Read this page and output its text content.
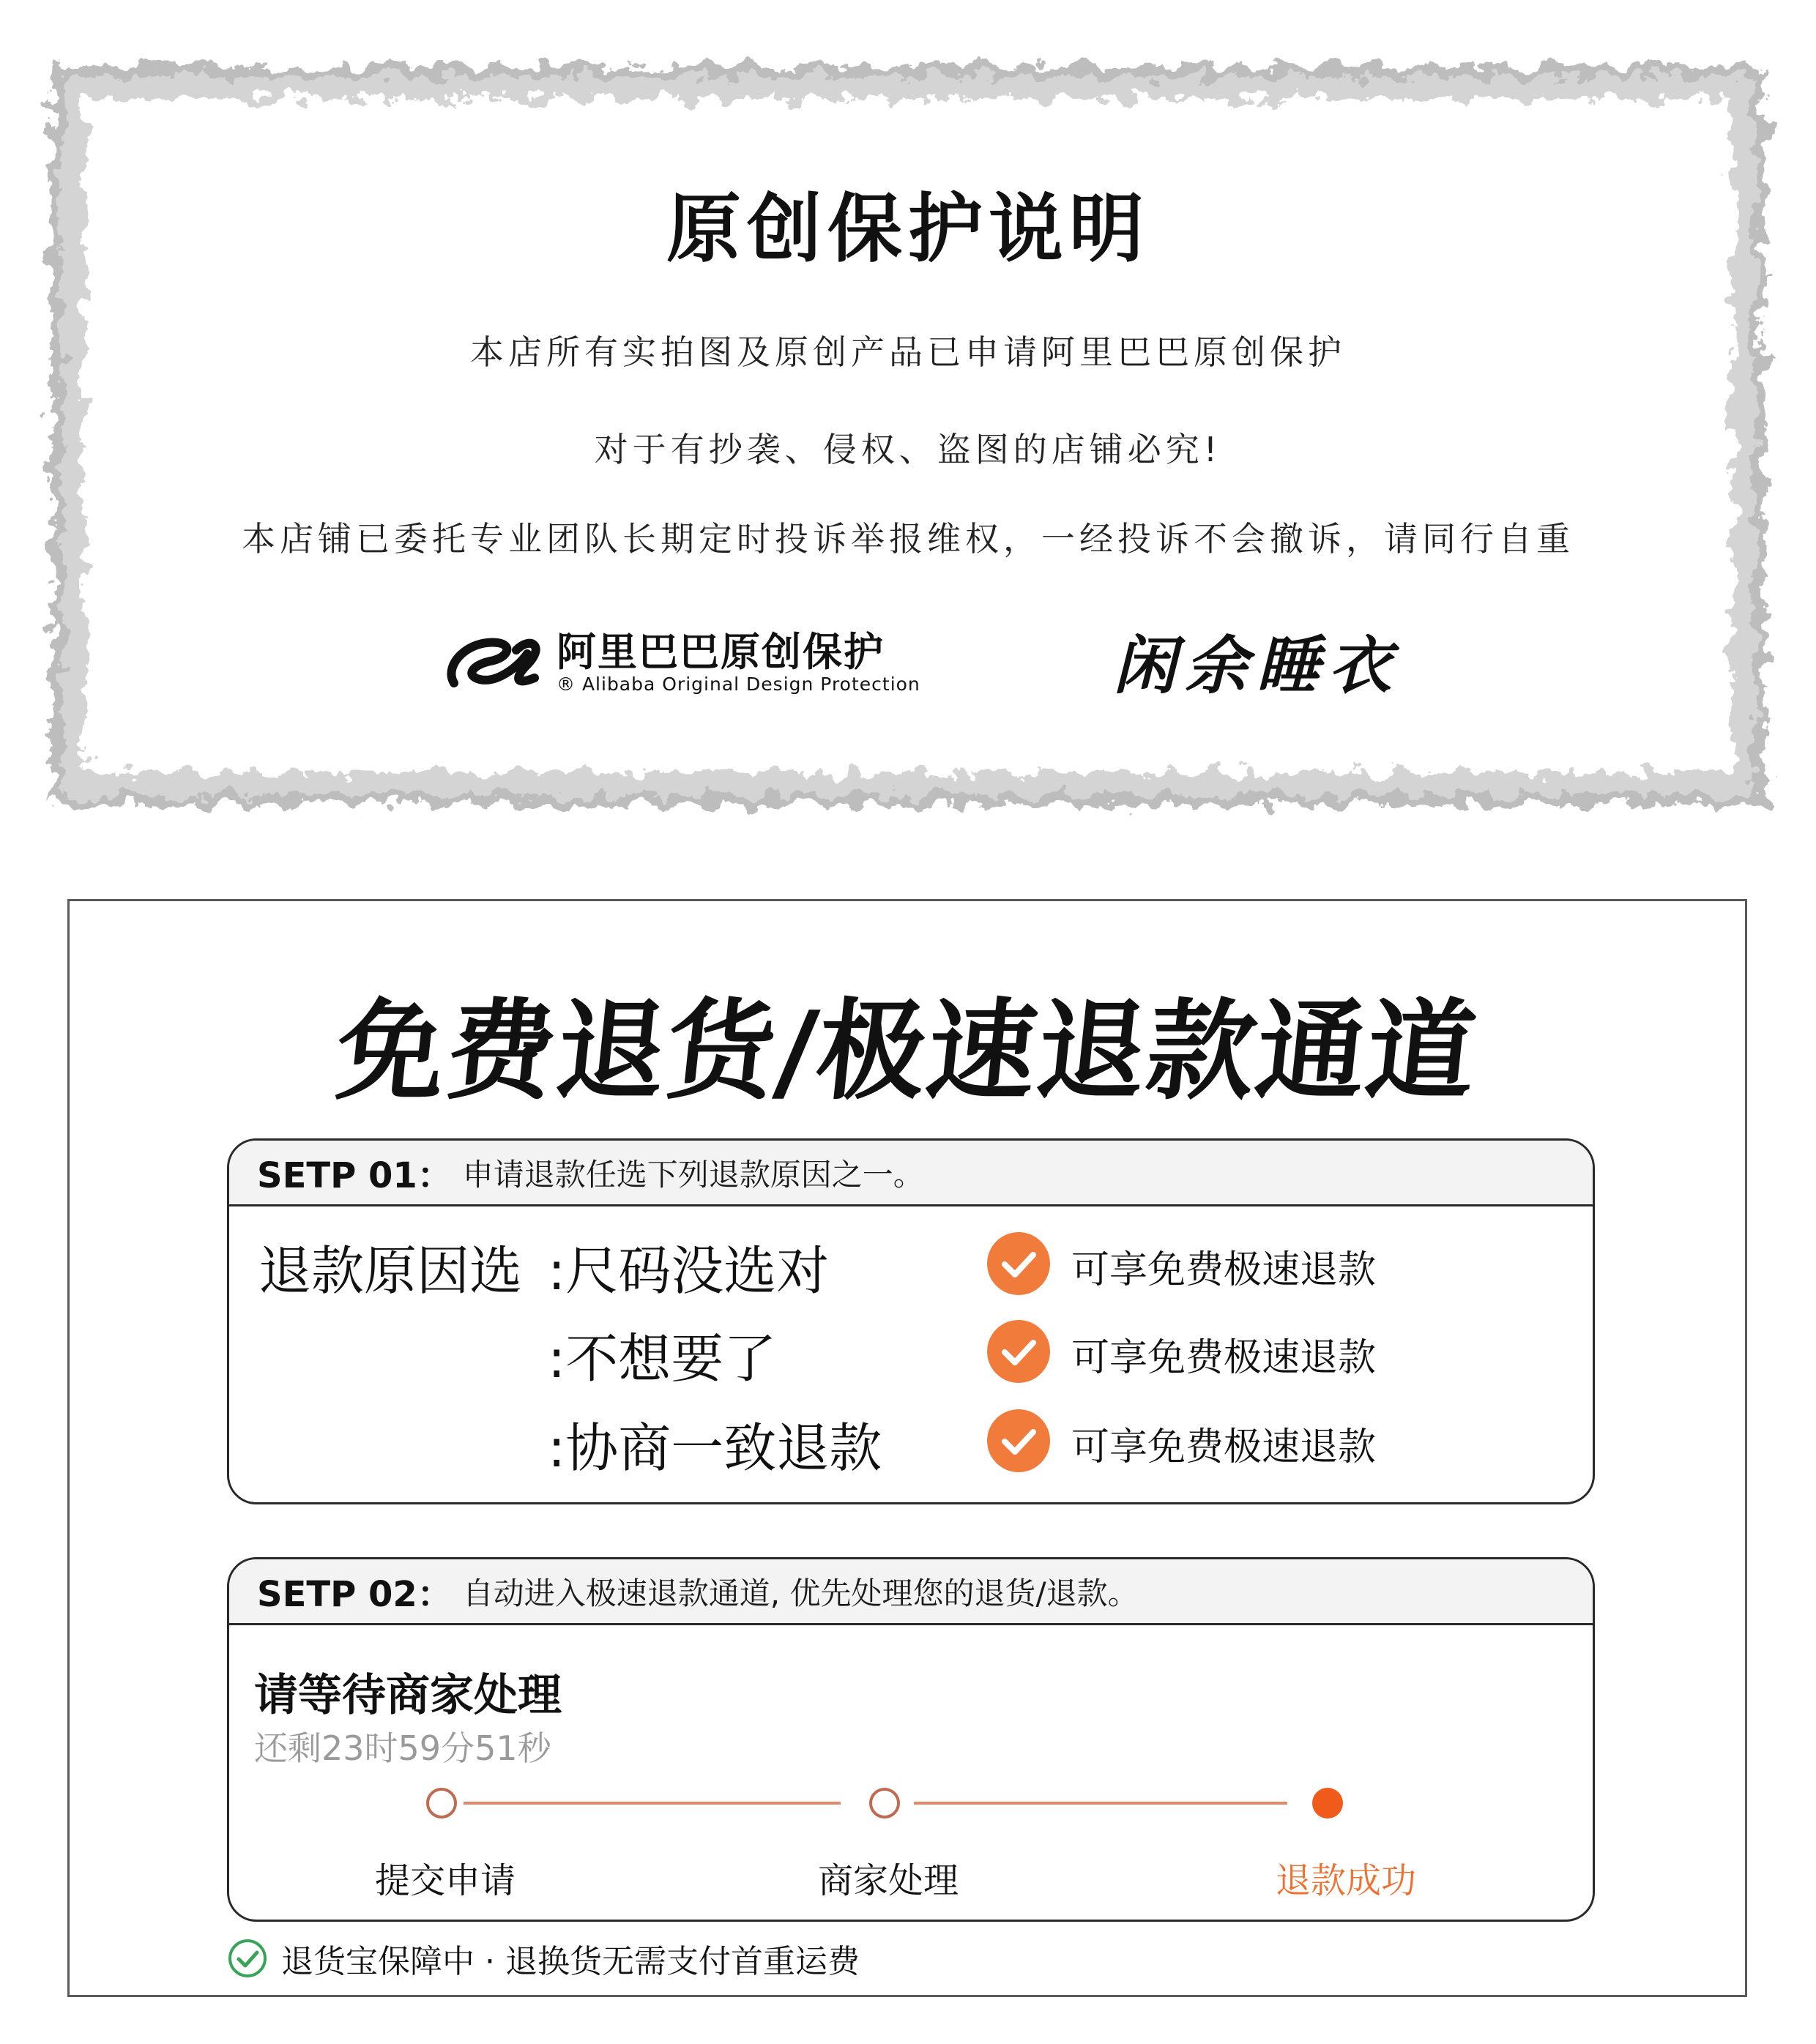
原创保护说明
本店所有实拍图及原创产品已申请阿里巴巴原创保护
对于有抄袭、侵权、盗图的店铺必究!
本店铺已委托专业团队长期定时投诉举报维权，一经投诉不会撤诉，请同行自重
阿里巴巴原创保护
® Alibaba Original Design Protection	闲余睡衣
免费退货/极速退款通道
SETP 01： 申请退款任选下列退款原因之一。
退款原因选 :尺码没选对	可享免费极速退款
:不想要了	可享免费极速退款
:协商一致退款	可享免费极速退款
SETP 02： 自动进入极速退款通道, 优先处理您的退货/退款。
请等待商家处理
还剩23时59分51秒
提交申请	商家处理	退款成功
退货宝保障中 · 退换货无需支付首重运费
